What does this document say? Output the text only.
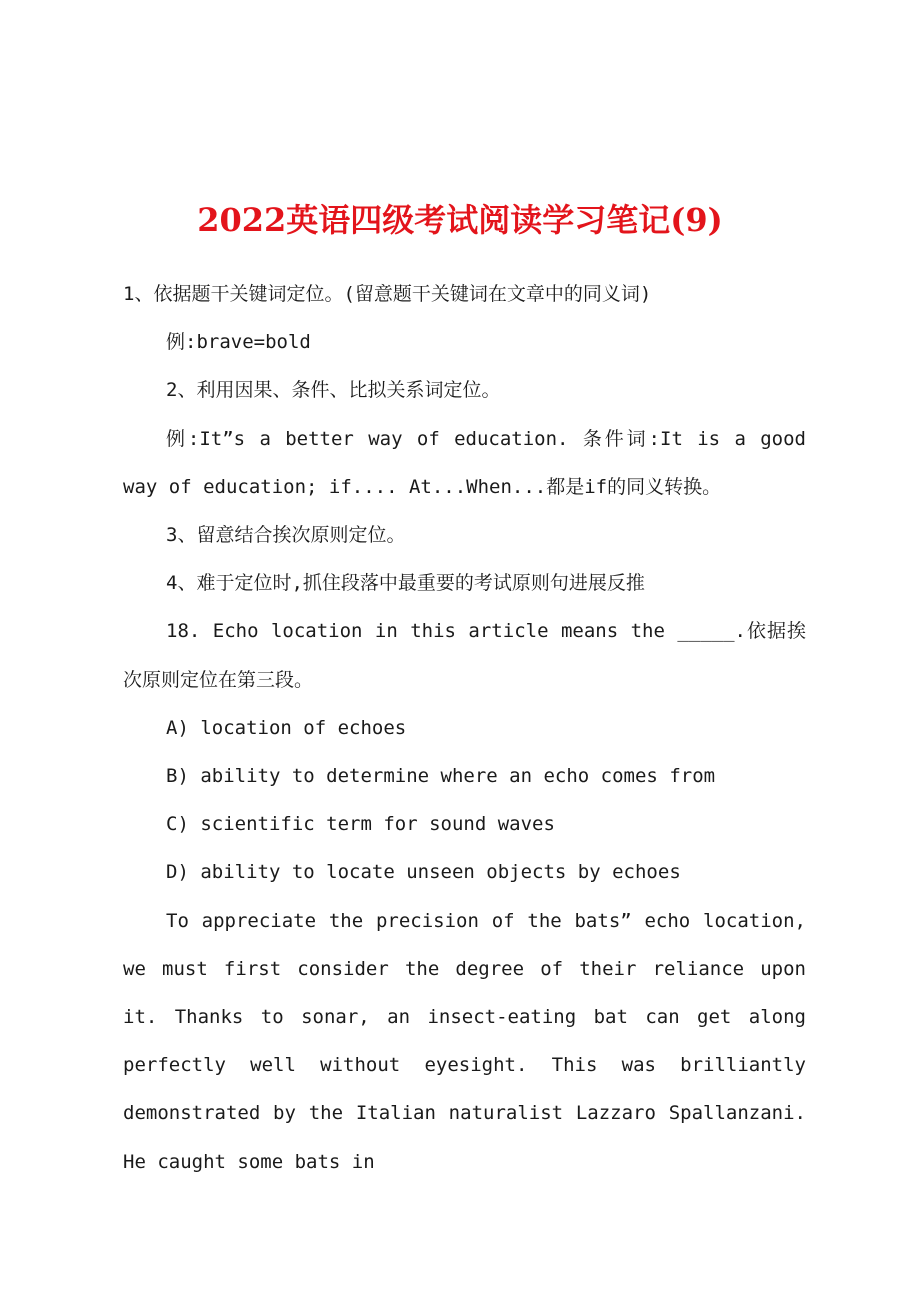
2022英语四级考试阅读学习笔记(9)

1、依据题干关键词定位。(留意题干关键词在文章中的同义词)

例:brave=bold

2、利用因果、条件、比拟关系词定位。

例:It”s a better way of education. 条件词:It is a good way of education; if.... At...When...都是if的同义转换。

3、留意结合挨次原则定位。

4、难于定位时,抓住段落中最重要的考试原则句进展反推

18. Echo location in this article means the _____.依据挨次原则定位在第三段。

A) location of echoes

B) ability to determine where an echo comes from

C) scientific term for sound waves

D) ability to locate unseen objects by echoes

To appreciate the precision of the bats” echo location, we must first consider the degree of their reliance upon it. Thanks to sonar, an insect-eating bat can get along perfectly well without eyesight. This was brilliantly demonstrated by the Italian naturalist Lazzaro Spallanzani. He caught some bats in
